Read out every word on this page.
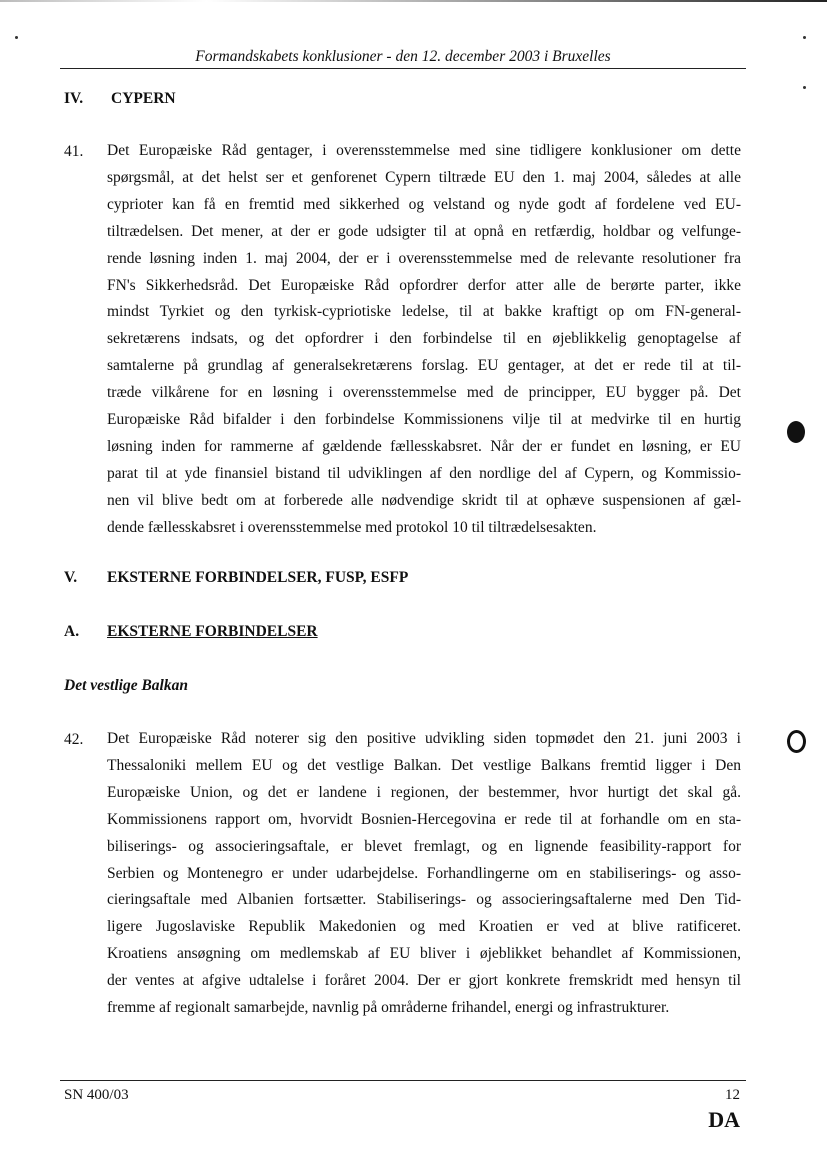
Formandskabets konklusioner - den 12. december 2003 i Bruxelles
IV. CYPERN
41. Det Europæiske Råd gentager, i overensstemmelse med sine tidligere konklusioner om dette
spørgsmål, at det helst ser et genforenet Cypern tiltræde EU den 1. maj 2004, således at alle
cyprioter kan få en fremtid med sikkerhed og velstand og nyde godt af fordelene ved EU-
tiltrædelsen. Det mener, at der er gode udsigter til at opnå en retfærdig, holdbar og velfunge-
rende løsning inden 1. maj 2004, der er i overensstemmelse med de relevante resolutioner fra
FN's Sikkerhedsråd. Det Europæiske Råd opfordrer derfor atter alle de berørte parter, ikke
mindst Tyrkiet og den tyrkisk-cypriotiske ledelse, til at bakke kraftigt op om FN-general-
sekretærens indsats, og det opfordrer i den forbindelse til en øjeblikkelig genoptagelse af
samtalerne på grundlag af generalsekretærens forslag. EU gentager, at det er rede til at til-
træde vilkårene for en løsning i overensstemmelse med de principper, EU bygger på. Det
Europæiske Råd bifalder i den forbindelse Kommissionens vilje til at medvirke til en hurtig
løsning inden for rammerne af gældende fællesskabsret. Når der er fundet en løsning, er EU
parat til at yde finansiel bistand til udviklingen af den nordlige del af Cypern, og Kommissio-
nen vil blive bedt om at forberede alle nødvendige skridt til at ophæve suspensionen af gæl-
dende fællesskabsret i overensstemmelse med protokol 10 til tiltrædelsesakten.
V. EKSTERNE FORBINDELSER, FUSP, ESFP
A. EKSTERNE FORBINDELSER
Det vestlige Balkan
42. Det Europæiske Råd noterer sig den positive udvikling siden topmødet den 21. juni 2003 i
Thessaloniki mellem EU og det vestlige Balkan. Det vestlige Balkans fremtid ligger i Den
Europæiske Union, og det er landene i regionen, der bestemmer, hvor hurtigt det skal gå.
Kommissionens rapport om, hvorvidt Bosnien-Hercegovina er rede til at forhandle om en sta-
biliserings- og associeringsaftale, er blevet fremlagt, og en lignende feasibility-rapport for
Serbien og Montenegro er under udarbejdelse. Forhandlingerne om en stabiliserings- og asso-
cieringsaftale med Albanien fortsætter. Stabiliserings- og associeringsaftalerne med Den Tid-
ligere Jugoslaviske Republik Makedonien og med Kroatien er ved at blive ratificeret.
Kroatiens ansøgning om medlemskab af EU bliver i øjeblikket behandlet af Kommissionen,
der ventes at afgive udtalelse i foråret 2004. Der er gjort konkrete fremskridt med hensyn til
fremme af regionalt samarbejde, navnlig på områderne frihandel, energi og infrastrukturer.
SN 400/03	12
DA
